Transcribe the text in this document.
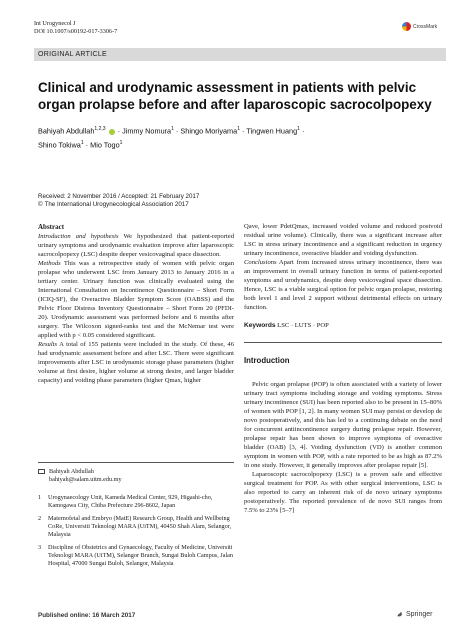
Int Urogynecol J
DOI 10.1007/s00192-017-3306-7
CrossMark
ORIGINAL ARTICLE
Clinical and urodynamic assessment in patients with pelvic organ prolapse before and after laparoscopic sacrocolpopexy
Bahiyah Abdullah$^{1,2,3}$  · Jimmy Nomura$^1$ · Shingo Moriyama$^1$ · Tingwen Huang$^1$ ·
Shino Tokiwa$^1$ · Mio Togo$^1$
Received: 2 November 2016 / Accepted: 21 February 2017
© The International Urogynecological Association 2017
Abstract

Introduction and hypothesis We hypothesized that patient-reported urinary symptoms and urodynamic evaluation improve after laparoscopic sacrocolpopexy (LSC) despite deeper vesicovaginal space dissection.

Methods This was a retrospective study of women with pelvic organ prolapse who underwent LSC from January 2013 to January 2016 in a tertiary center. Urinary function was clinically evaluated using the International Consultation on Incontinence Questionnaire – Short Form (ICIQ-SF), the Overactive Bladder Symptom Score (OABSS) and the Pelvic Floor Distress Inventory Questionnaire – Short Form 20 (PFDI-20). Urodynamic assessment was performed before and 6 months after surgery. The Wilcoxon signed-ranks test and the McNemar test were applied with p < 0.05 considered significant.

Results A total of 155 patients were included in the study. Of these, 46 had urodynamic assessment before and after LSC. There were significant improvements after LSC in urodynamic storage phase parameters (higher volume at first desire, higher volume at strong desire, and larger bladder capacity) and voiding phase parameters (higher Qmax, higher

Qave, lower PdetQmax, increased voided volume and reduced postvoid residual urine volume). Clinically, there was a significant increase after LSC in stress urinary incontinence and a significant reduction in urgency urinary incontinence, overactive bladder and voiding dysfunction.

Conclusions Apart from increased stress urinary incontinence, there was an improvement in overall urinary function in terms of patient-reported symptoms and urodynamics, despite deep vesicovaginal space dissection. Hence, LSC is a viable surgical option for pelvic organ prolapse, restoring both level 1 and level 2 support without detrimental effects on urinary function.

Keywords LSC · LUTS · POP
Introduction

Pelvic organ prolapse (POP) is often associated with a variety of lower urinary tract symptoms including storage and voiding symptoms. Stress urinary incontinence (SUI) has been reported also to be present in 15–80% of women with POP [1, 2]. In many women SUI may persist or develop de novo postoperatively, and this has led to a continuing debate on the need for concurrent antiincontinence surgery during prolapse repair. However, prolapse repair has been shown to improve symptoms of overactive bladder (OAB) [3, 4]. Voiding dysfunction (VD) is another common symptom in women with POP, with a rate reported to be as high as 87.2% in one study. However, it generally improves after prolapse repair [5].

Laparoscopic sacrocolpopexy (LSC) is a proven safe and effective surgical treatment for POP. As with other surgical interventions, LSC is also reported to carry an inherent risk of de novo urinary symptoms postoperatively. The reported prevalence of de novo SUI ranges from 7.5% to 23% [5–7]

Bahiyah Abdullah
bahiyah@salam.uitm.edu.my
1	Urogynaecology Unit, Kameda Medical Center, 929, Higashi-cho, Kamogawa City, Chiba Prefecture 296-8602, Japan
2	Maternofetal and Embryo (MatE) Research Group, Health and Wellbeing CoRe, Universiti Teknologi MARA (UiTM), 40450 Shah Alam, Selangor, Malaysia
3	Discipline of Obstetrics and Gynaecology, Faculty of Medicine, Universiti Teknologi MARA (UiTM), Selangor Branch, Sungai Buloh Campus, Jalan Hospital, 47000 Sungai Buloh, Selangor, Malaysia
Published online: 16 March 2017	Springer
